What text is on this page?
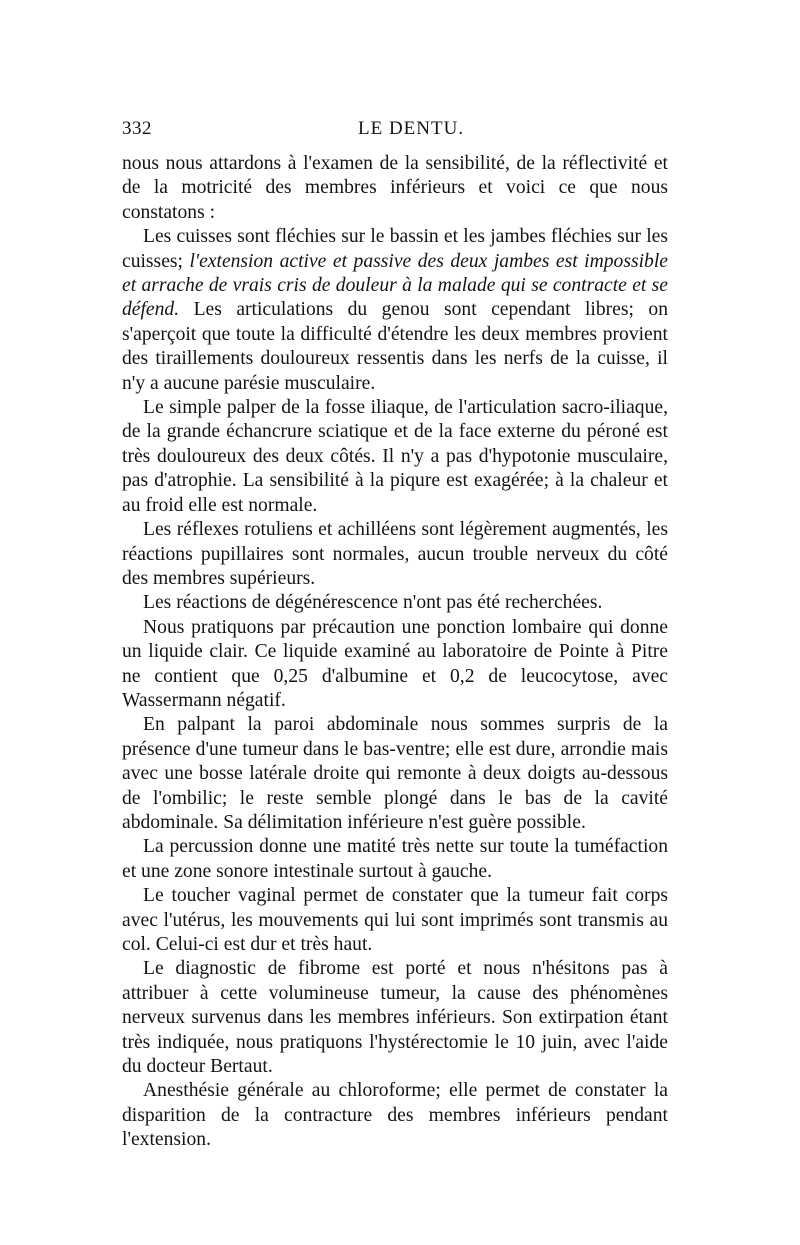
332	LE DENTU.

nous nous attardons à l'examen de la sensibilité, de la réflectivité et de la motricité des membres inférieurs et voici ce que nous constatons :

Les cuisses sont fléchies sur le bassin et les jambes fléchies sur les cuisses; l'extension active et passive des deux jambes est impossible et arrache de vrais cris de douleur à la malade qui se contracte et se défend. Les articulations du genou sont cependant libres; on s'aperçoit que toute la difficulté d'étendre les deux membres provient des tiraillements douloureux ressentis dans les nerfs de la cuisse, il n'y a aucune parésie musculaire.

Le simple palper de la fosse iliaque, de l'articulation sacro-iliaque, de la grande échancrure sciatique et de la face externe du péroné est très douloureux des deux côtés. Il n'y a pas d'hypotonie musculaire, pas d'atrophie. La sensibilité à la piqure est exagérée; à la chaleur et au froid elle est normale.

Les réflexes rotuliens et achilléens sont légèrement augmentés, les réactions pupillaires sont normales, aucun trouble nerveux du côté des membres supérieurs.

Les réactions de dégénérescence n'ont pas été recherchées.

Nous pratiquons par précaution une ponction lombaire qui donne un liquide clair. Ce liquide examiné au laboratoire de Pointe à Pitre ne contient que 0,25 d'albumine et 0,2 de leucocytose, avec Wassermann négatif.

En palpant la paroi abdominale nous sommes surpris de la présence d'une tumeur dans le bas-ventre; elle est dure, arrondie mais avec une bosse latérale droite qui remonte à deux doigts au-dessous de l'ombilic; le reste semble plongé dans le bas de la cavité abdominale. Sa délimitation inférieure n'est guère possible.

La percussion donne une matité très nette sur toute la tuméfaction et une zone sonore intestinale surtout à gauche.

Le toucher vaginal permet de constater que la tumeur fait corps avec l'utérus, les mouvements qui lui sont imprimés sont transmis au col. Celui-ci est dur et très haut.

Le diagnostic de fibrome est porté et nous n'hésitons pas à attribuer à cette volumineuse tumeur, la cause des phénomènes nerveux survenus dans les membres inférieurs. Son extirpation étant très indiquée, nous pratiquons l'hystérectomie le 10 juin, avec l'aide du docteur Bertaut.

Anesthésie générale au chloroforme; elle permet de constater la disparition de la contracture des membres inférieurs pendant l'extension.
